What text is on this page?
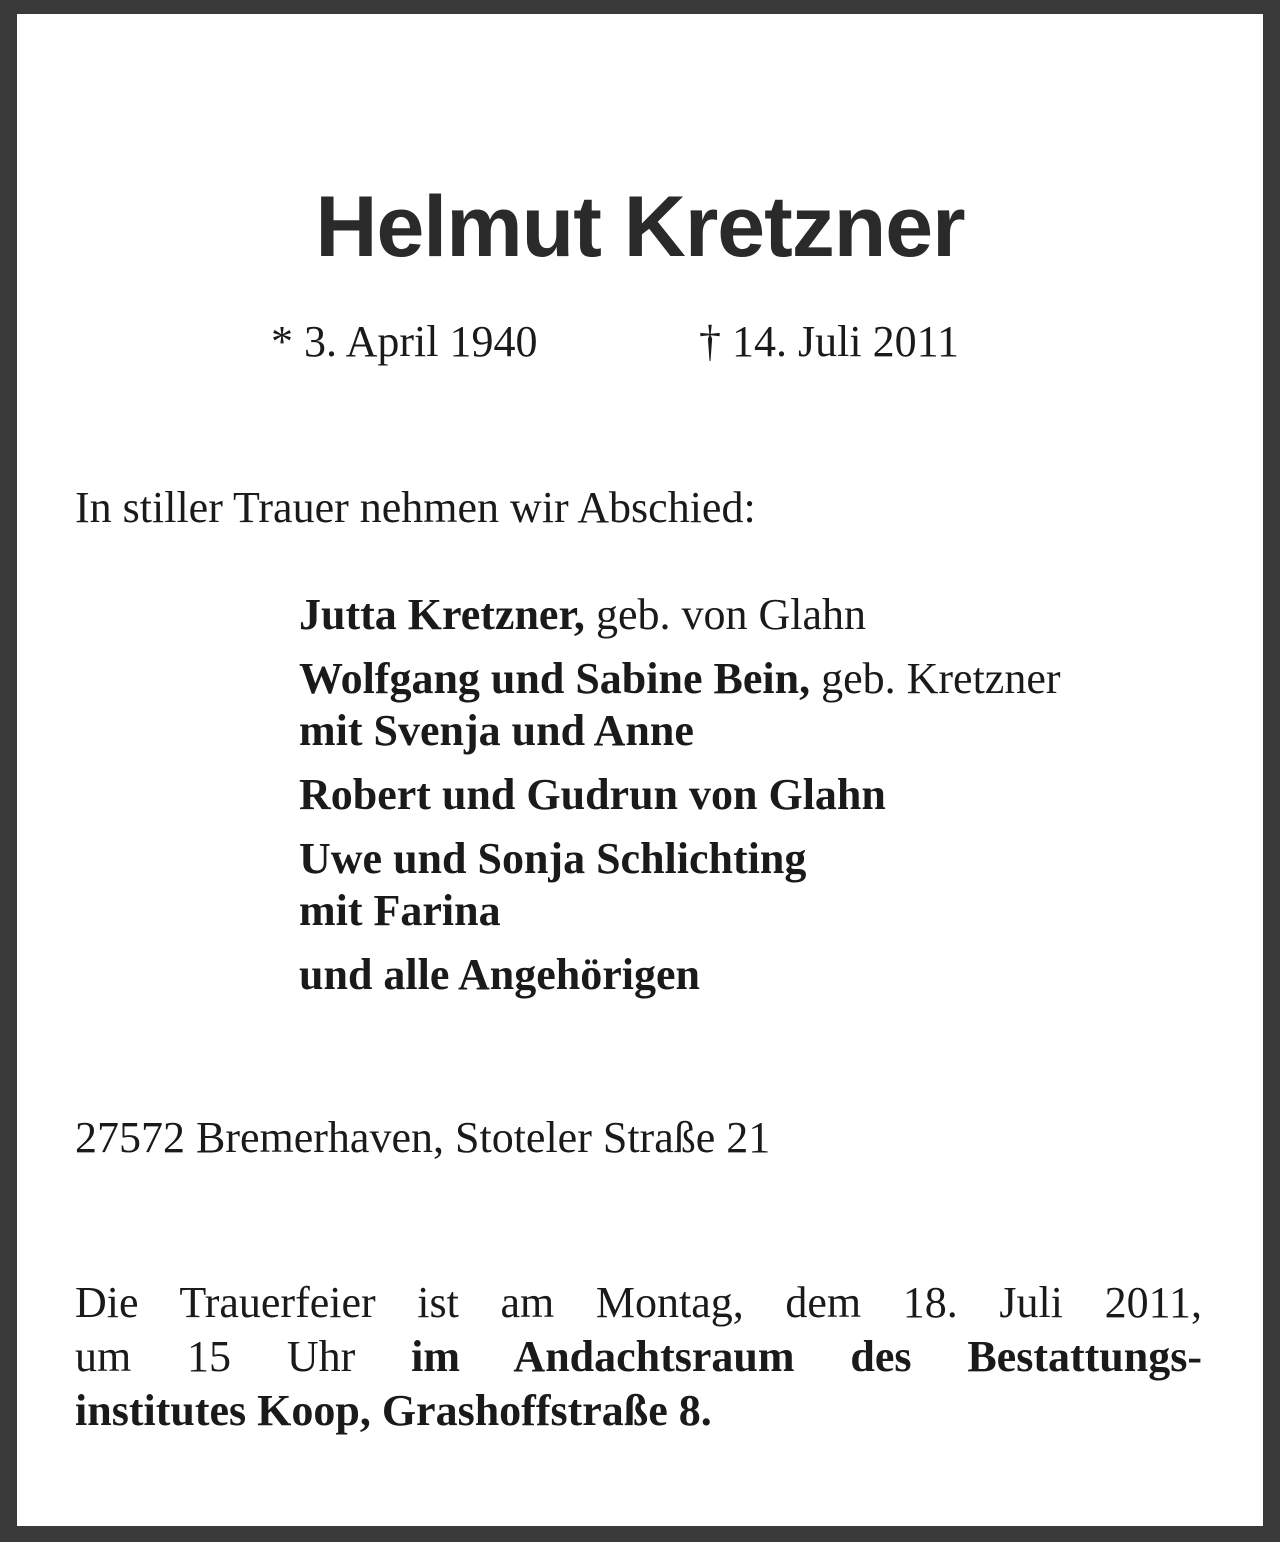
Helmut Kretzner
* 3. April 1940	† 14. Juli 2011
In stiller Trauer nehmen wir Abschied:
Jutta Kretzner, geb. von Glahn
Wolfgang und Sabine Bein, geb. Kretzner
mit Svenja und Anne
Robert und Gudrun von Glahn
Uwe und Sonja Schlichting
mit Farina
und alle Angehörigen
27572 Bremerhaven, Stoteler Straße 21
Die Trauerfeier ist am Montag, dem 18. Juli 2011,
um 15 Uhr im Andachtsraum des Bestattungs-
institutes Koop, Grashoffstraße 8.
